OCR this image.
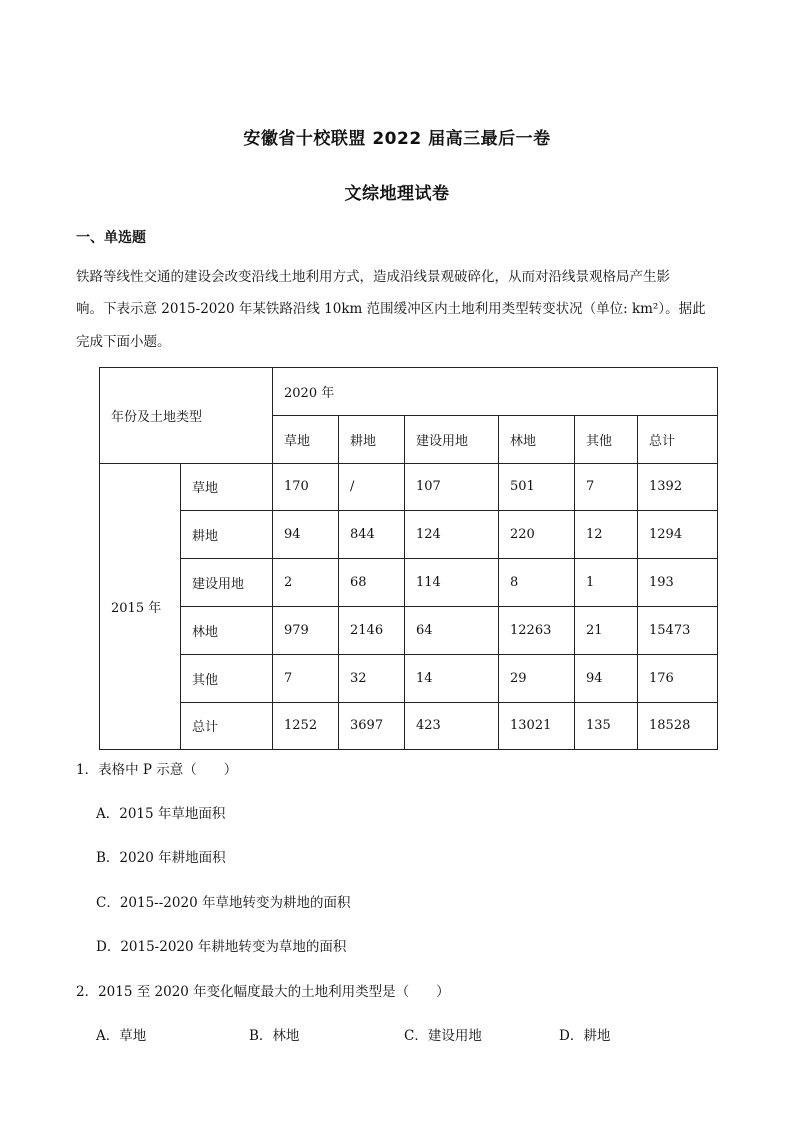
安徽省十校联盟 2022 届高三最后一卷
文综地理试卷
一、单选题

铁路等线性交通的建设会改变沿线土地利用方式，造成沿线景观破碎化，从而对沿线景观格局产生影

响。下表示意 2015-2020 年某铁路沿线 10km 范围缓冲区内土地利用类型转变状况（单位: km²）。据此

完成下面小题。

年份及土地类型		2020 年					
		草地	耕地	建设用地	林地	其他	总计
2015 年	草地	170	/	107	501	7	1392
	耕地	94	844	124	220	12	1294
	建设用地	2	68	114	8	1	193
	林地	979	2146	64	12263	21	15473
	其他	7	32	14	29	94	176
	总计	1252	3697	423	13021	135	18528
1．表格中 P 示意（　　）
A．2015 年草地面积
B．2020 年耕地面积
C．2015--2020 年草地转变为耕地的面积
D．2015-2020 年耕地转变为草地的面积
2．2015 至 2020 年变化幅度最大的土地利用类型是（　　）
A．草地	B．林地	C．建设用地	D．耕地
